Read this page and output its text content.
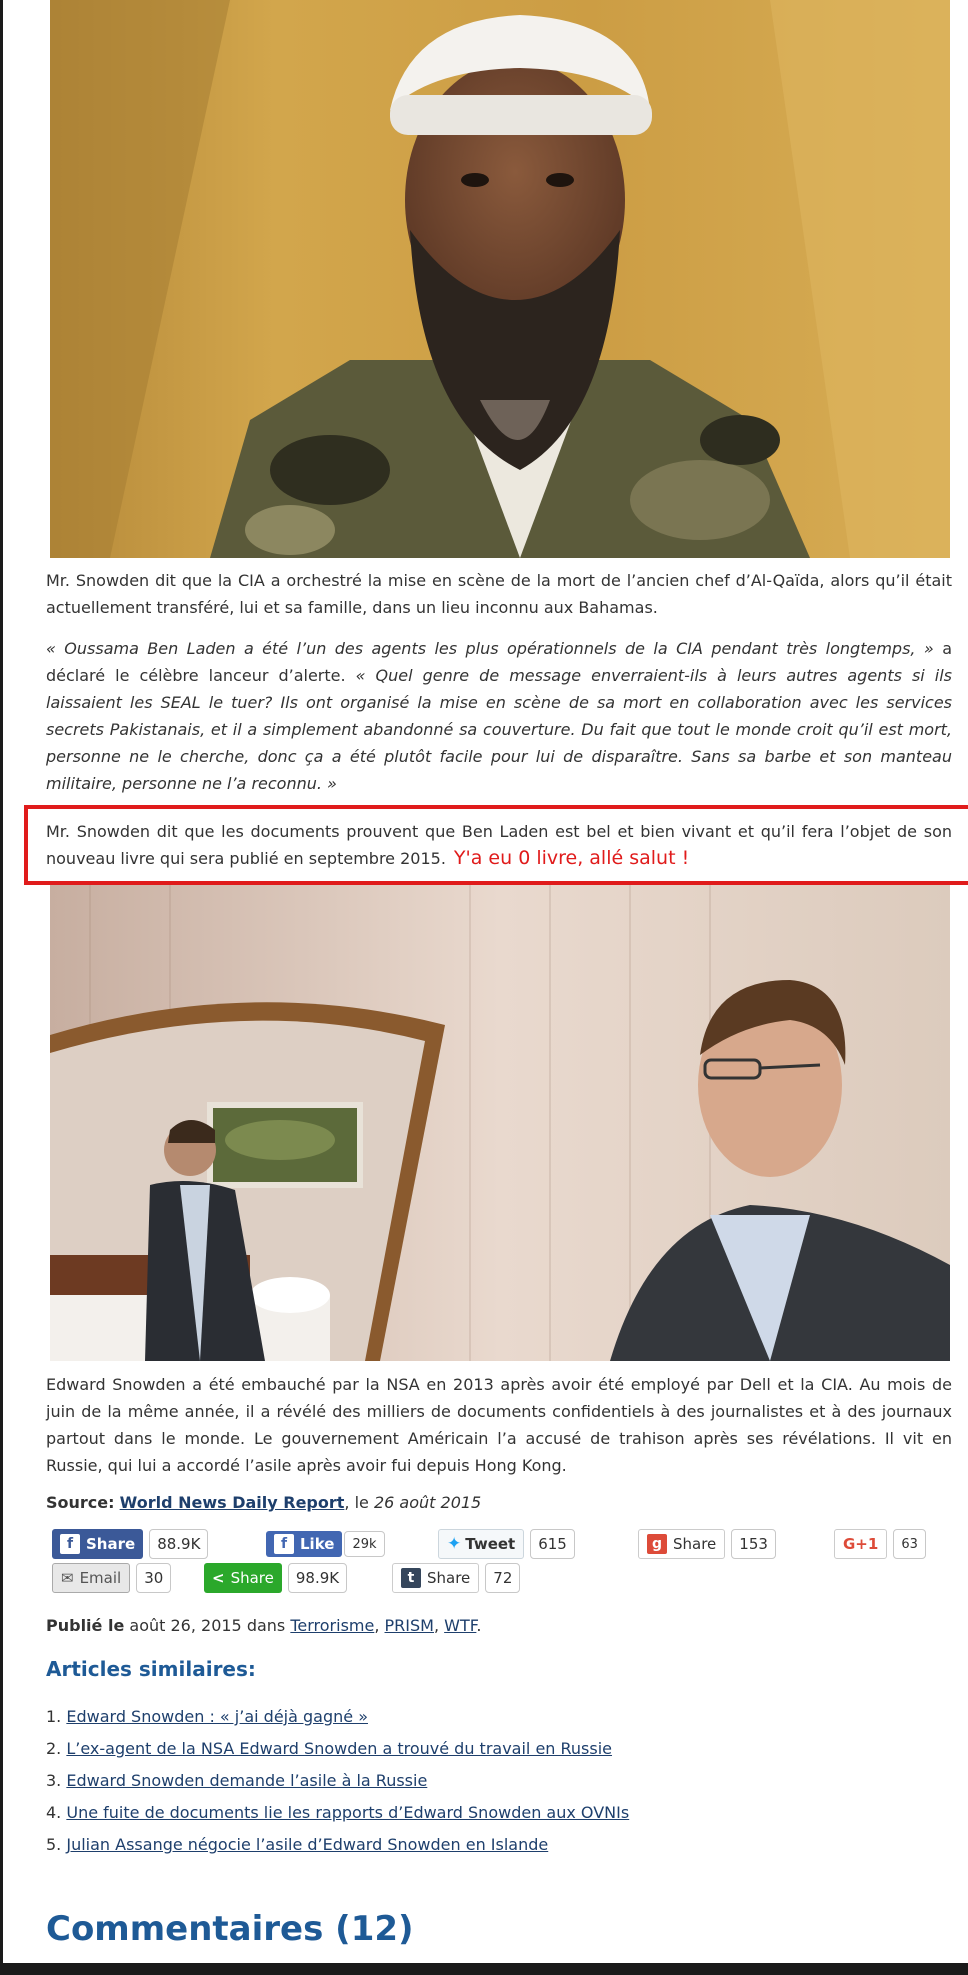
Mr. Snowden dit que la CIA a orchestré la mise en scène de la mort de l’ancien chef d’Al-Qaïda, alors qu’il était actuellement transféré, lui et sa famille, dans un lieu inconnu aux Bahamas.

« Oussama Ben Laden a été l’un des agents les plus opérationnels de la CIA pendant très longtemps, » a déclaré le célèbre lanceur d’alerte. « Quel genre de message enverraient-ils à leurs autres agents si ils laissaient les SEAL le tuer? Ils ont organisé la mise en scène de sa mort en collaboration avec les services secrets Pakistanais, et il a simplement abandonné sa couverture. Du fait que tout le monde croit qu’il est mort, personne ne le cherche, donc ça a été plutôt facile pour lui de disparaître. Sans sa barbe et son manteau militaire, personne ne l’a reconnu. »

Mr. Snowden dit que les documents prouvent que Ben Laden est bel et bien vivant et qu’il fera l’objet de son nouveau livre qui sera publié en septembre 2015. Y'a eu 0 livre, allé salut !

Edward Snowden a été embauché par la NSA en 2013 après avoir été employé par Dell et la CIA. Au mois de juin de la même année, il a révélé des milliers de documents confidentiels à des journalistes et à des journaux partout dans le monde. Le gouvernement Américain l’a accusé de trahison après ses révélations. Il vit en Russie, qui lui a accordé l’asile après avoir fui depuis Hong Kong.

Source: World News Daily Report, le 26 août 2015
f Share	88.9K	f Like	29k	✦ Tweet	615	g Share	153	G+1	63
✉ Email	30	< Share	98.9K	t Share	72
Publié le août 26, 2015 dans Terrorisme, PRISM, WTF.
Articles similaires:
1. Edward Snowden : « j’ai déjà gagné »
2. L’ex-agent de la NSA Edward Snowden a trouvé du travail en Russie
3. Edward Snowden demande l’asile à la Russie
4. Une fuite de documents lie les rapports d’Edward Snowden aux OVNIs
5. Julian Assange négocie l’asile d’Edward Snowden en Islande
Commentaires (12)
